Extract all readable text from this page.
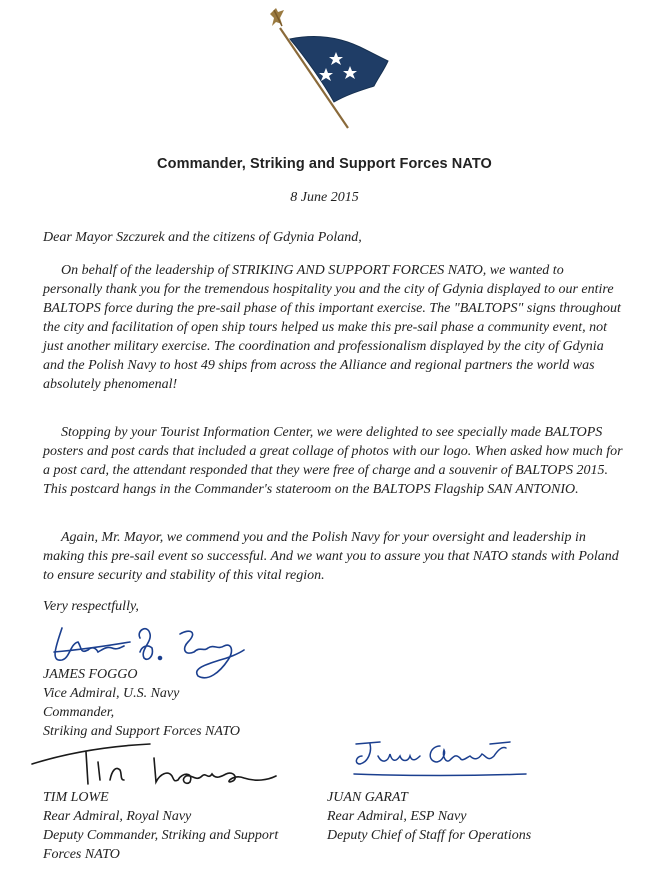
Commander, Striking and Support Forces NATO
8 June 2015
Dear Mayor Szczurek and the citizens of Gdynia Poland,

On behalf of the leadership of STRIKING AND SUPPORT FORCES NATO, we wanted to personally thank you for the tremendous hospitality you and the city of Gdynia displayed to our entire BALTOPS force during the pre-sail phase of this important exercise. The "BALTOPS" signs throughout the city and facilitation of open ship tours helped us make this pre-sail phase a community event, not just another military exercise. The coordination and professionalism displayed by the city of Gdynia and the Polish Navy to host 49 ships from across the Alliance and regional partners the world was absolutely phenomenal!

Stopping by your Tourist Information Center, we were delighted to see specially made BALTOPS posters and post cards that included a great collage of photos with our logo. When asked how much for a post card, the attendant responded that they were free of charge and a souvenir of BALTOPS 2015. This postcard hangs in the Commander's stateroom on the BALTOPS Flagship SAN ANTONIO.

Again, Mr. Mayor, we commend you and the Polish Navy for your oversight and leadership in making this pre-sail event so successful. And we want you to assure you that NATO stands with Poland to ensure security and stability of this vital region.

Very respectfully,
JAMES FOGGO
Vice Admiral, U.S. Navy
Commander,
Striking and Support Forces NATO
TIM LOWE
Rear Admiral, Royal Navy
Deputy Commander, Striking and Support
Forces NATO
JUAN GARAT
Rear Admiral, ESP Navy
Deputy Chief of Staff for Operations
